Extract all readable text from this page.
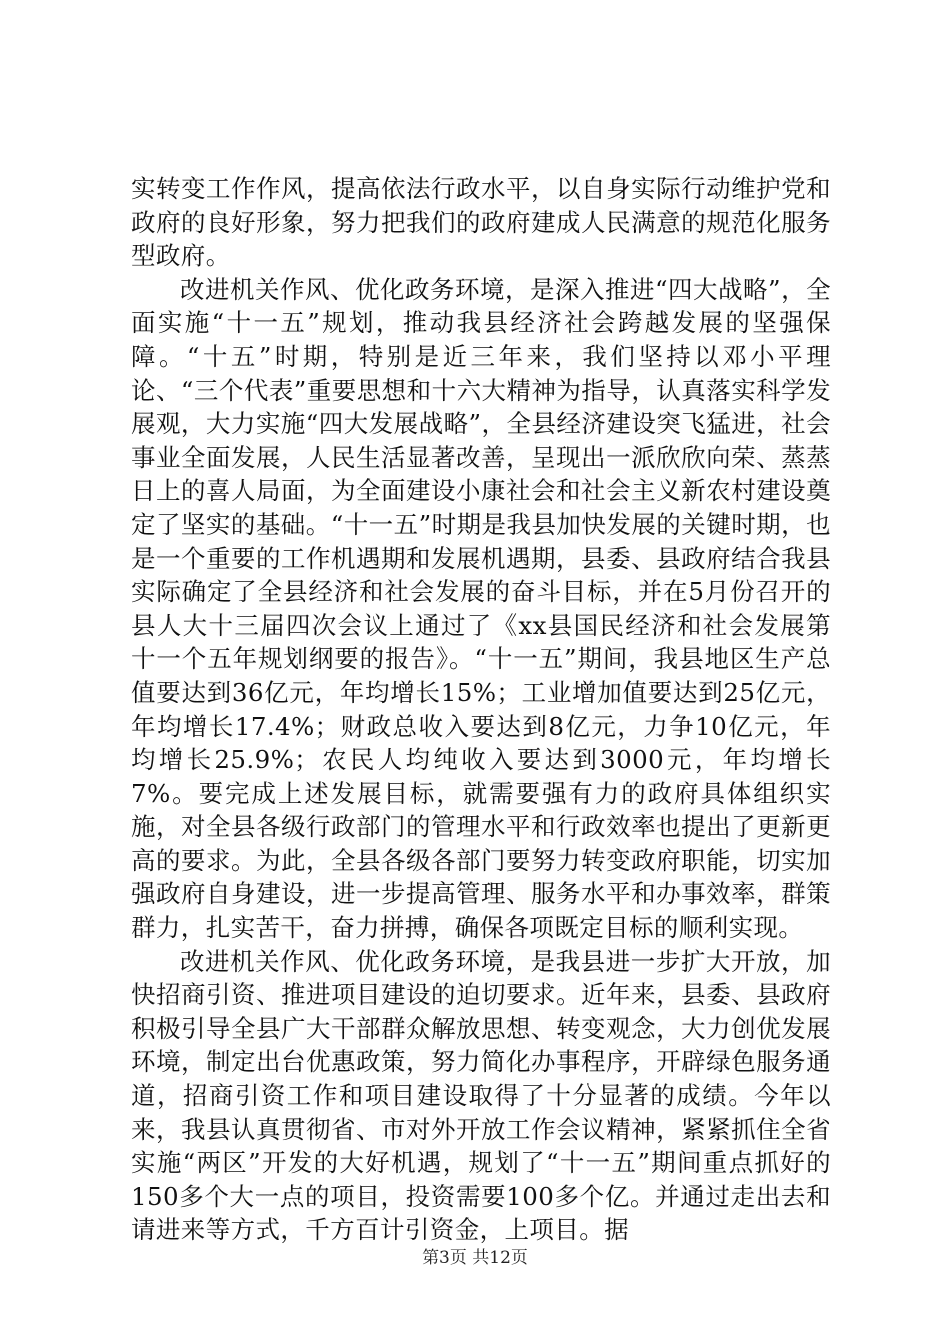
实转变工作作风，提高依法行政水平，以自身实际行动维护党和政府的良好形象，努力把我们的政府建成人民满意的规范化服务型政府。

改进机关作风、优化政务环境，是深入推进“四大战略”，全面实施“十一五”规划，推动我县经济社会跨越发展的坚强保障。“十五”时期，特别是近三年来，我们坚持以邓小平理论、“三个代表”重要思想和十六大精神为指导，认真落实科学发展观，大力实施“四大发展战略”，全县经济建设突飞猛进，社会事业全面发展，人民生活显著改善，呈现出一派欣欣向荣、蒸蒸日上的喜人局面，为全面建设小康社会和社会主义新农村建设奠定了坚实的基础。“十一五”时期是我县加快发展的关键时期，也是一个重要的工作机遇期和发展机遇期，县委、县政府结合我县实际确定了全县经济和社会发展的奋斗目标，并在5月份召开的县人大十三届四次会议上通过了《xx县国民经济和社会发展第十一个五年规划纲要的报告》。“十一五”期间，我县地区生产总值要达到36亿元，年均增长15%；工业增加值要达到25亿元，年均增长17.4%；财政总收入要达到8亿元，力争10亿元，年均增长25.9%；农民人均纯收入要达到3000元，年均增长7%。要完成上述发展目标，就需要强有力的政府具体组织实施，对全县各级行政部门的管理水平和行政效率也提出了更新更高的要求。为此，全县各级各部门要努力转变政府职能，切实加强政府自身建设，进一步提高管理、服务水平和办事效率，群策群力，扎实苦干，奋力拼搏，确保各项既定目标的顺利实现。

改进机关作风、优化政务环境，是我县进一步扩大开放，加快招商引资、推进项目建设的迫切要求。近年来，县委、县政府积极引导全县广大干部群众解放思想、转变观念，大力创优发展环境，制定出台优惠政策，努力简化办事程序，开辟绿色服务通道，招商引资工作和项目建设取得了十分显著的成绩。今年以来，我县认真贯彻省、市对外开放工作会议精神，紧紧抓住全省实施“两区”开发的大好机遇，规划了“十一五”期间重点抓好的150多个大一点的项目，投资需要100多个亿。并通过走出去和请进来等方式，千方百计引资金，上项目。据

第3页 共12页
